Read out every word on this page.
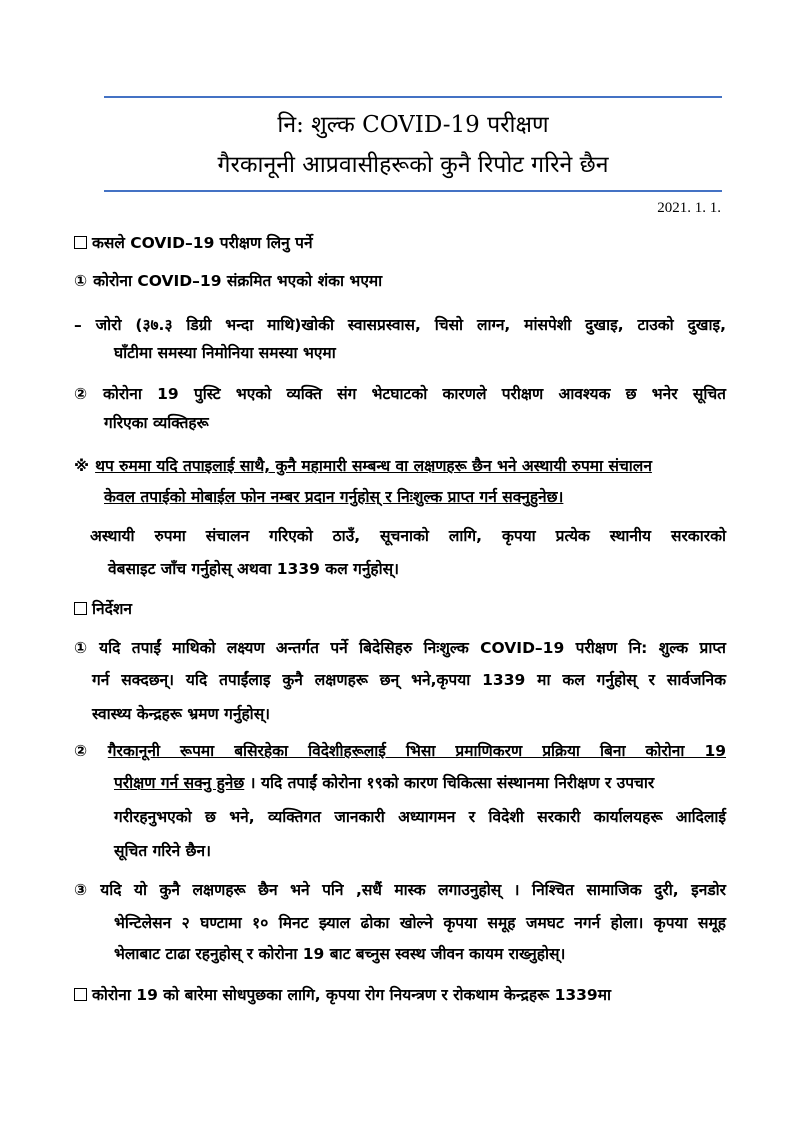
नि: शुल्क COVID-19 परीक्षण
गैरकानूनी आप्रवासीहरूको कुनै रिपोट गरिने छैन
2021. 1. 1.
कसले COVID–19 परीक्षण लिनु पर्ने
① कोरोना COVID–19 संक्रमित भएको शंका भएमा
– जोरो (३७.३ डिग्री भन्दा माथि)खोकी स्वासप्रस्वास, चिसो लाग्न, मांसपेशी दुखाइ, टाउको दुखाइ,
घाँटीमा समस्या निमोनिया समस्या भएमा
② कोरोना 19 पुस्टि भएको व्यक्ति संग भेटघाटको कारणले परीक्षण आवश्यक छ भनेर सूचित
गरिएका व्यक्तिहरू
※ थप रुममा यदि तपाइलाई साथै, कुनै महामारी सम्बन्ध वा लक्षणहरू छैन भने अस्थायी रुपमा संचालन
केवल तपाईको मोबाईल फोन नम्बर प्रदान गर्नुहोस् र निःशुल्क प्राप्त गर्न सक्नुहुनेछ।
अस्थायी रुपमा संचालन गरिएको ठाउँ, सूचनाको लागि, कृपया प्रत्येक स्थानीय सरकारको
वेबसाइट जाँच गर्नुहोस् अथवा 1339 कल गर्नुहोस्।
निर्देशन
① यदि तपाईं माथिको लक्ष्यण अन्तर्गत पर्ने बिदेसिहरु निःशुल्क COVID–19 परीक्षण नि: शुल्क प्राप्त
गर्न सक्दछन्। यदि तपाईंलाइ कुनै लक्षणहरू छन् भने,कृपया 1339 मा कल गर्नुहोस् र सार्वजनिक
स्वास्थ्य केन्द्रहरू भ्रमण गर्नुहोस्।
② गैरकानूनी रूपमा बसिरहेका विदेशीहरूलाई भिसा प्रमाणिकरण प्रक्रिया बिना कोरोना 19
परीक्षण गर्न सक्नु हुनेछ । यदि तपाईं कोरोना १९को कारण चिकित्सा संस्थानमा निरीक्षण र उपचार
गरीरहनुभएको छ भने, व्यक्तिगत जानकारी अध्यागमन र विदेशी सरकारी कार्यालयहरू आदिलाई
सूचित गरिने छैन।
③ यदि यो कुनै लक्षणहरू छैन भने पनि ,सधैं मास्क लगाउनुहोस् । निश्चित सामाजिक दुरी, इनडोर
भेन्टिलेसन २ घण्टामा १० मिनट झ्याल ढोका खोल्ने कृपया समूह जमघट नगर्न होला। कृपया समूह
भेलाबाट टाढा रहनुहोस् र कोरोना 19 बाट बच्नुस स्वस्थ जीवन कायम राख्नुहोस्।
कोरोना 19 को बारेमा सोधपुछका लागि, कृपया रोग नियन्त्रण र रोकथाम केन्द्रहरू 1339मा
